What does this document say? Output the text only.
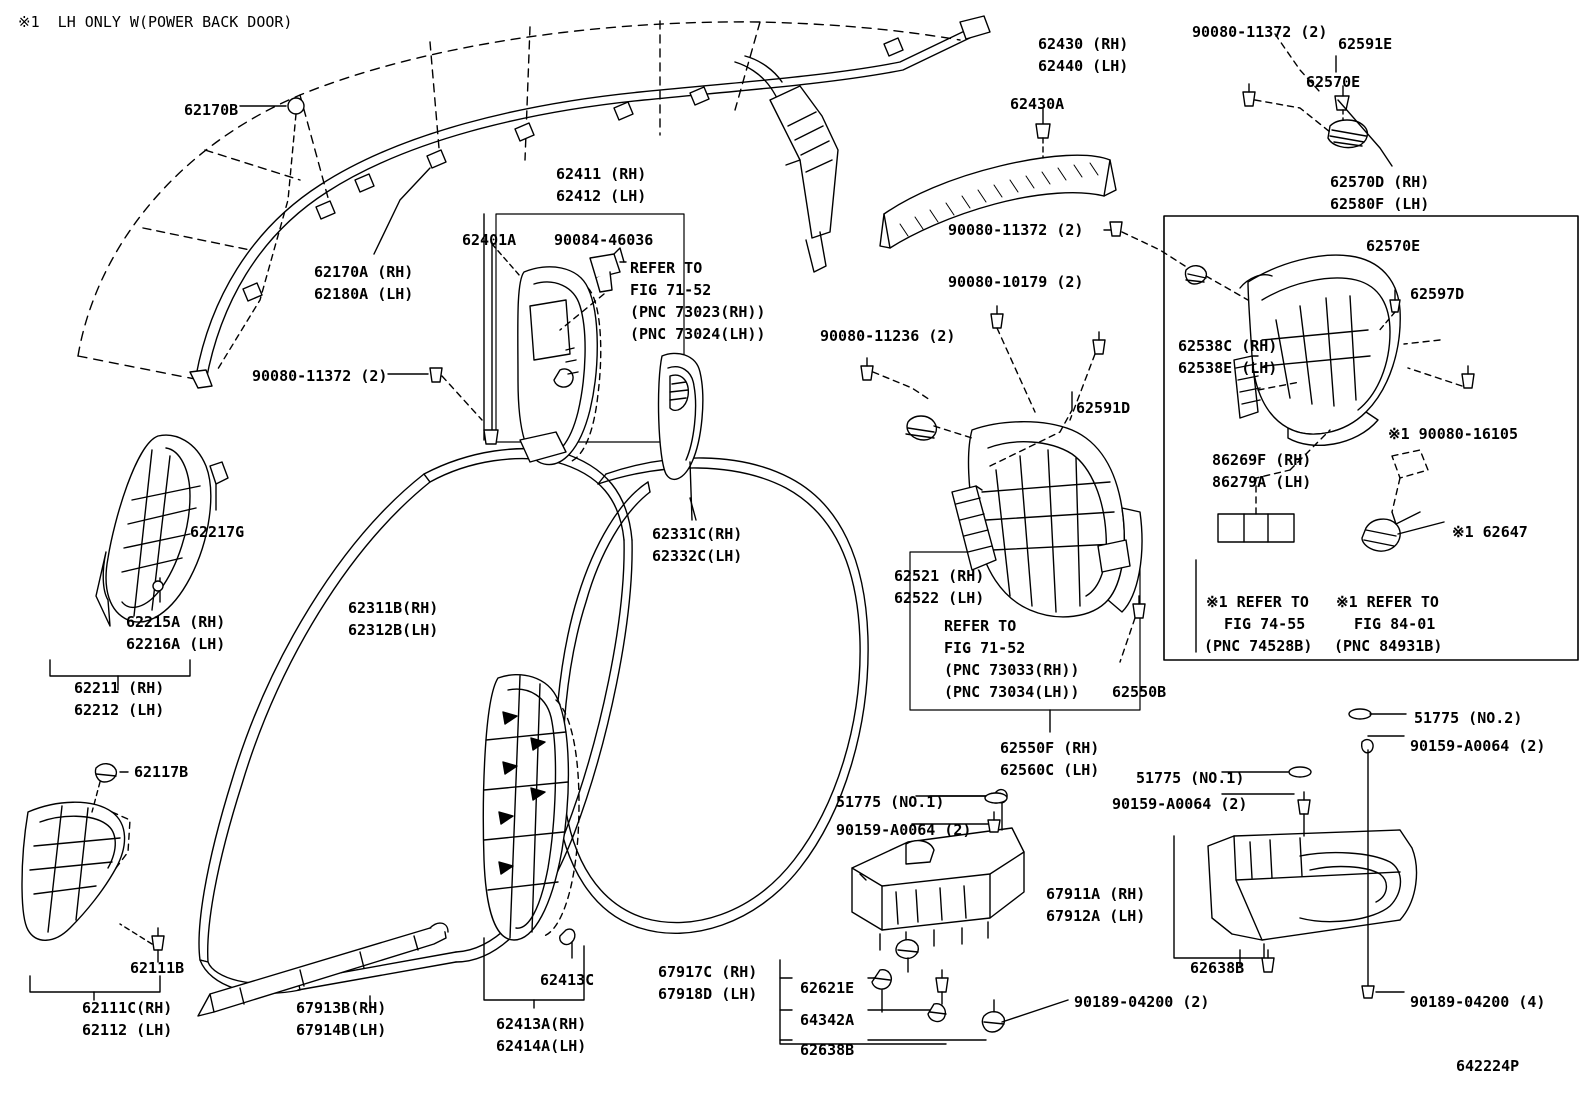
※1  LH ONLY W(POWER BACK DOOR)
62170B
62170A (RH)
62180A (LH)
62411 (RH)
62412 (LH)
62401A	90084-46036
REFER TO
FIG 71-52
(PNC 73023(RH))
(PNC 73024(LH))
90080-11372 (2)
62217G
62215A (RH)
62216A (LH)
62211 (RH)
62212 (LH)
62117B
62111B
62111C(RH)
62112 (LH)
62311B(RH)
62312B(LH)
67913B(RH)
67914B(LH)
62413C
62413A(RH)
62414A(LH)
62331C(RH)
62332C(LH)
62430 (RH)
62440 (LH)
62430A
90080-11372 (2)
62591E
62570E
62570D (RH)
62580F (LH)
90080-11372 (2)
62570E
62597D
90080-10179 (2)
90080-11236 (2)
62538C (RH)
62538E (LH)
62591D
※1 90080-16105
86269F (RH)
86279A (LH)
※1 62647
※1 REFER TO
FIG 74-55
(PNC 74528B)
※1 REFER TO
FIG 84-01
(PNC 84931B)
62521 (RH)
62522 (LH)
REFER TO
FIG 71-52
(PNC 73033(RH))
(PNC 73034(LH)) 62550B
62550F (RH)
62560C (LH)
51775 (NO.2)
90159-A0064 (2)
51775 (NO.1)
90159-A0064 (2)
51775 (NO.1)
90159-A0064 (2)
67911A (RH)
67912A (LH)
62638B
67917C (RH)
67918D (LH)	62621E
64342A
62638B
90189-04200 (2)	90189-04200 (4)
642224P
